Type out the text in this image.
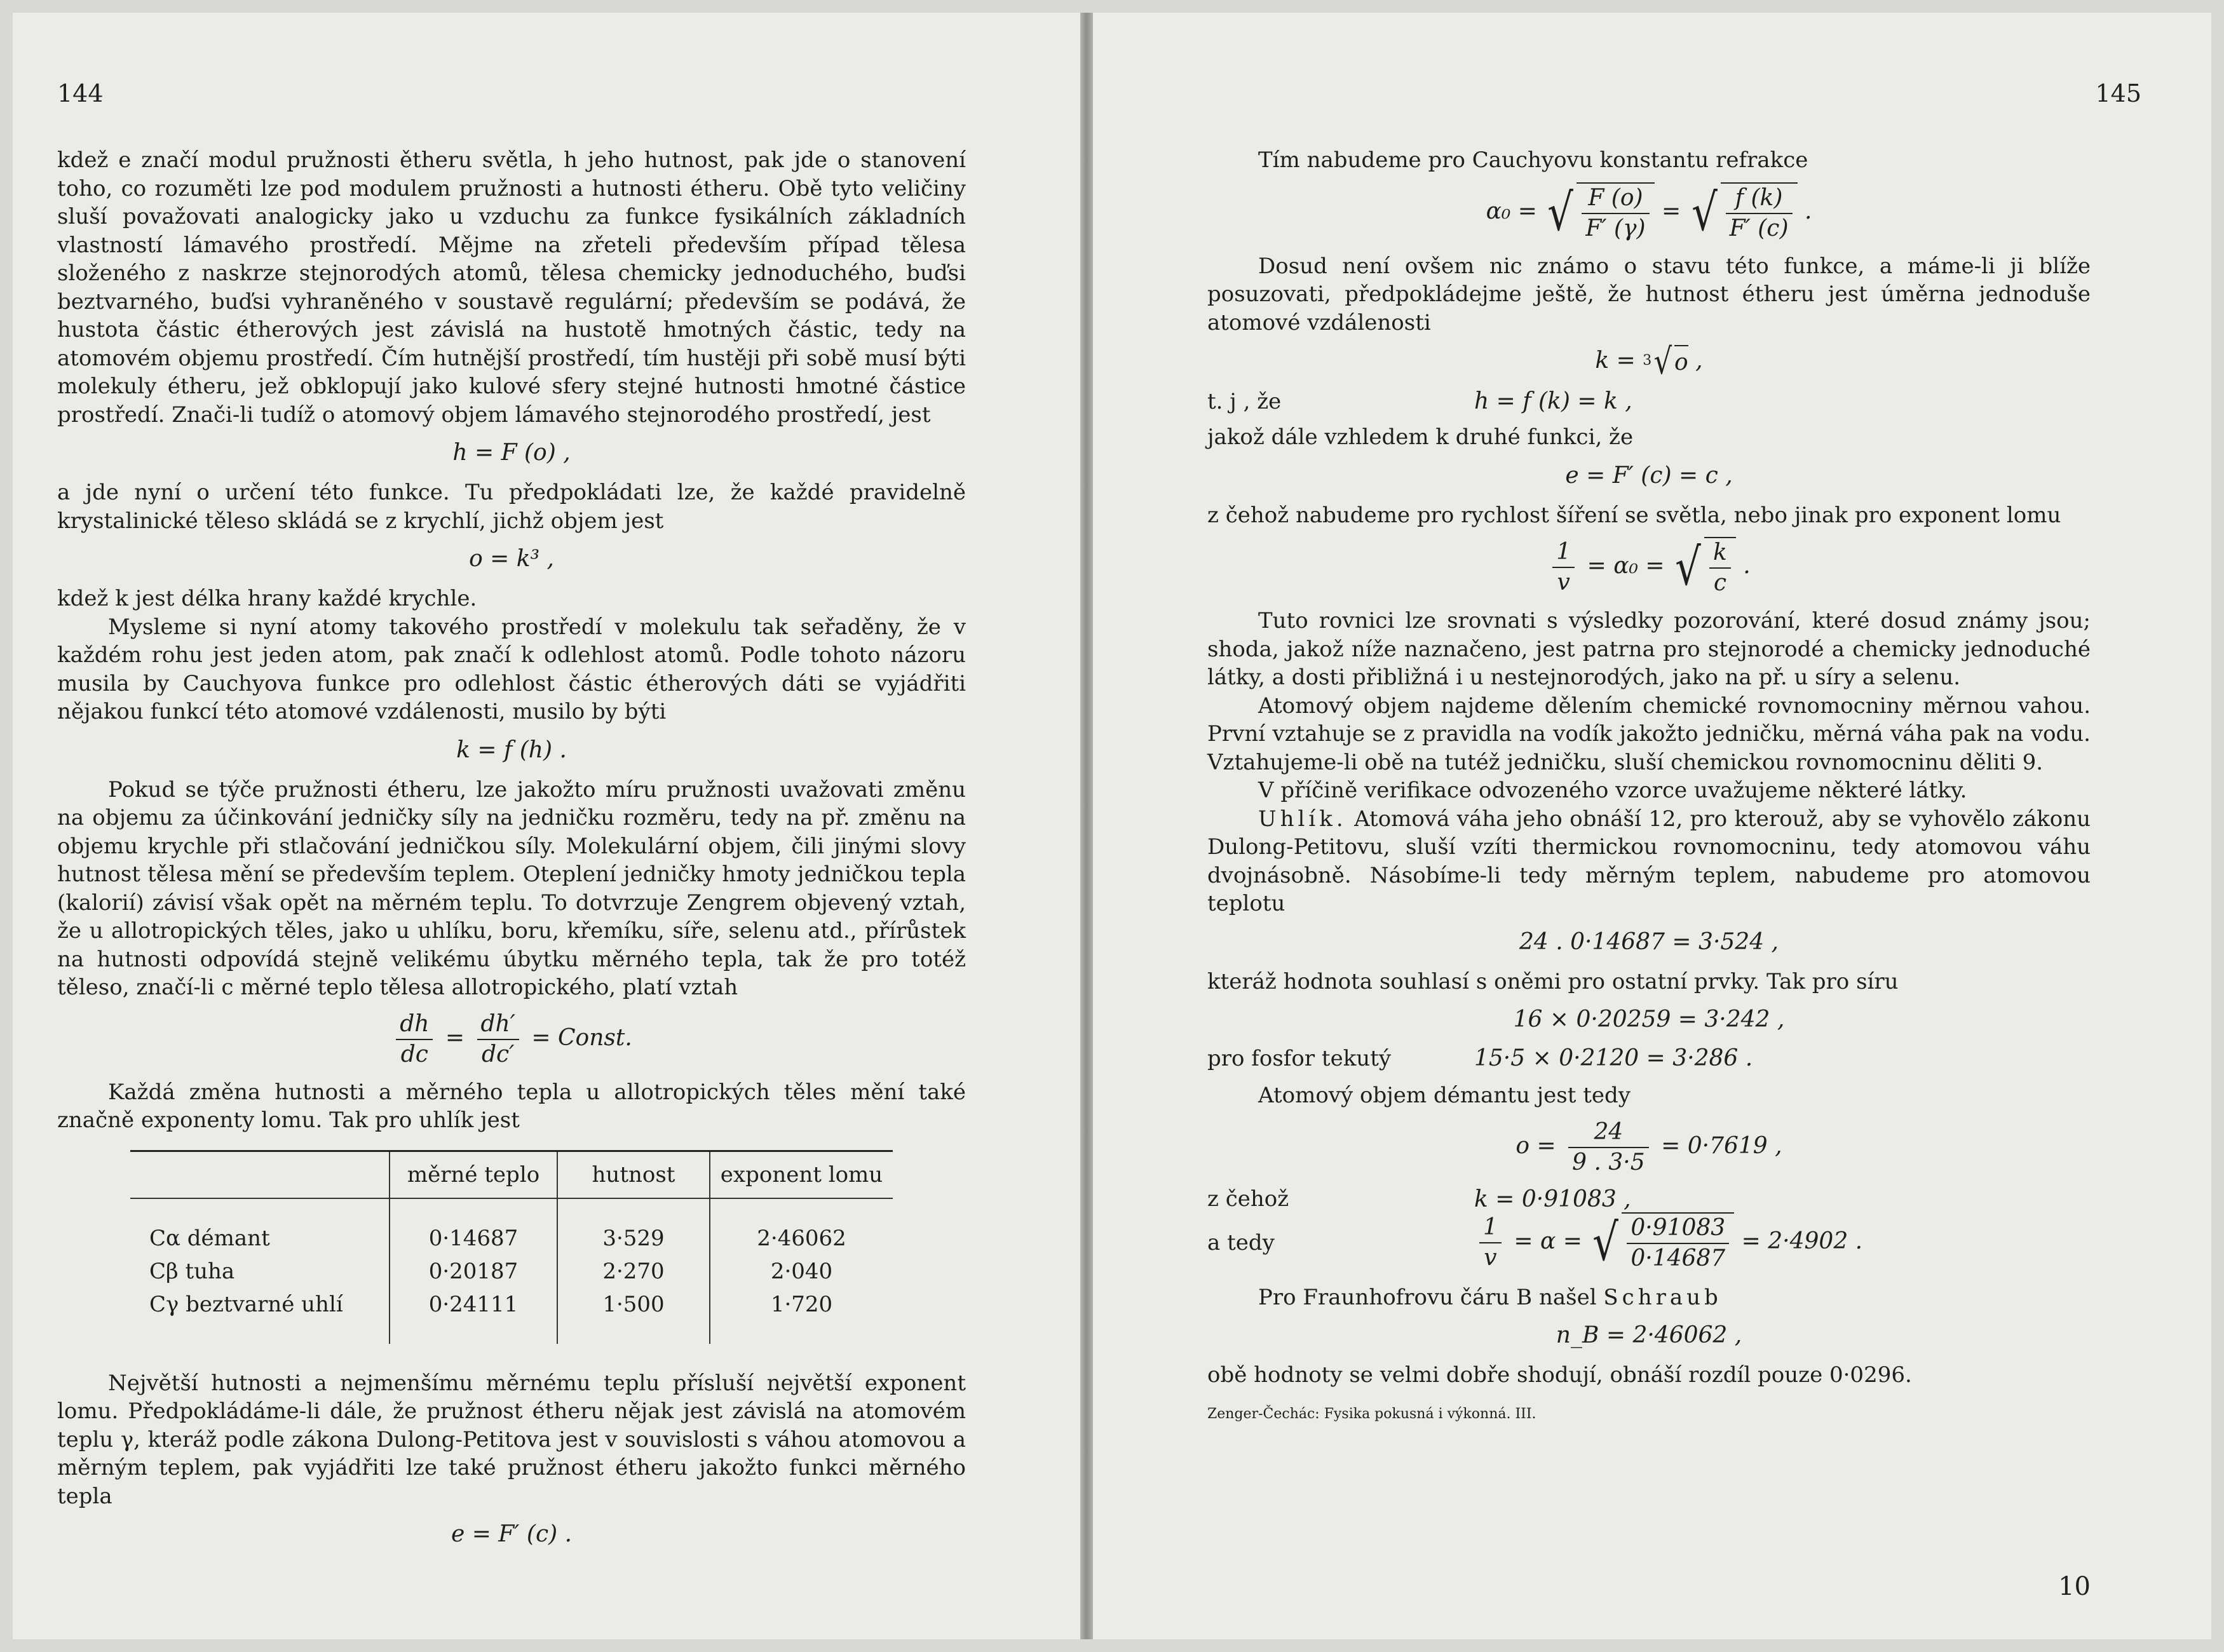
144

kdež e značí modul pružnosti ětheru světla, h jeho hutnost, pak jde o stanovení toho, co rozuměti lze pod modulem pružnosti a hutnosti étheru. Obě tyto veličiny sluší považovati analogicky jako u vzduchu za funkce fysikálních základních vlastností lámavého prostředí. Mějme na zřeteli především případ tělesa složeného z naskrze stejnorodých atomů, tělesa chemicky jednoduchého, buďsi beztvarného, buďsi vyhraněného v soustavě regulární; především se podává, že hustota částic étherových jest závislá na hustotě hmotných částic, tedy na atomovém objemu prostředí. Čím hutnější prostředí, tím hustěji při sobě musí býti molekuly étheru, jež obklopují jako kulové sfery stejné hutnosti hmotné částice prostředí. Znači-li tudíž o atomový objem lámavého stejnorodého prostředí, jest

h = F (o) ,

a jde nyní o určení této funkce. Tu předpokládati lze, že každé pravidelně krystalinické těleso skládá se z krychlí, jichž objem jest

o = k³ ,

kdež k jest délka hrany každé krychle.

Mysleme si nyní atomy takového prostředí v molekulu tak seřaděny, že v každém rohu jest jeden atom, pak značí k odlehlost atomů. Podle tohoto názoru musila by Cauchyova funkce pro odlehlost částic étherových dáti se vyjádřiti nějakou funkcí této atomové vzdálenosti, musilo by býti

k = f (h) .

Pokud se týče pružnosti étheru, lze jakožto míru pružnosti uvažovati změnu na objemu za účinkování jedničky síly na jedničku rozměru, tedy na př. změnu na objemu krychle při stlačování jedničkou síly. Molekulární objem, čili jinými slovy hutnost tělesa mění se především teplem. Oteplení jedničky hmoty jedničkou tepla (kalorií) závisí však opět na měrném teplu. To dotvrzuje Zengrem objevený vztah, že u allotropických těles, jako u uhlíku, boru, křemíku, síře, selenu atd., přírůstek na hutnosti odpovídá stejně velikému úbytku měrného tepla, tak že pro totéž těleso, značí-li c měrné teplo tělesa allotropického, platí vztah

$\frac{dh}{dc} = \frac{dh'}{dc'}$ = Const.

Každá změna hutnosti a měrného tepla u allotropických těles mění také značně exponenty lomu. Tak pro uhlík jest

	měrné teplo	hutnost	exponent lomu
Cα démant	0·14687	3·529	2·46062
Cβ tuha	0·20187	2·270	2·040
Cγ beztvarné uhlí	0·24111	1·500	1·720

Největší hutnosti a nejmenšímu měrnému teplu přísluší největší exponent lomu. Předpokládáme-li dále, že pružnost étheru nějak jest závislá na atomovém teplu γ, kteráž podle zákona Dulong-Petitova jest v souvislosti s váhou atomovou a měrným teplem, pak vyjádřiti lze také pružnost étheru jakožto funkci měrného tepla

e = F′ (c) .
145

Tím nabudeme pro Cauchyovu konstantu refrakce

α₀ = √ $\frac{F (o)}{F' (\gamma)}$ = √ $\frac{f (k)}{F' (c)}$ .

Dosud není ovšem nic známo o stavu této funkce, a máme-li ji blíže posuzovati, předpokládejme ještě, že hutnost étheru jest úměrna jednoduše atomové vzdálenosti

k = $^3$√o ,
t. j , že	h = f (k) = k ,

jakož dále vzhledem k druhé funkci, že

e = F′ (c) = c ,

z čehož nabudeme pro rychlost šíření se světla, nebo jinak pro exponent lomu

$\frac{1}{v} = \alpha_0$ = √ $\frac{k}{c}$ .

Tuto rovnici lze srovnati s výsledky pozorování, které dosud známy jsou; shoda, jakož níže naznačeno, jest patrna pro stejnorodé a chemicky jednoduché látky, a dosti přibližná i u nestejnorodých, jako na př. u síry a selenu.

Atomový objem najdeme dělením chemické rovnomocniny měrnou vahou. První vztahuje se z pravidla na vodík jakožto jedničku, měrná váha pak na vodu. Vztahujeme-li obě na tutéž jedničku, sluší chemickou rovnomocninu děliti 9.

V příčině verifikace odvozeného vzorce uvažujeme některé látky.

Uhlík. Atomová váha jeho obnáší 12, pro kterouž, aby se vyhovělo zákonu Dulong-Petitovu, sluší vzíti thermickou rovnomocninu, tedy atomovou váhu dvojnásobně. Násobíme-li tedy měrným teplem, nabudeme pro atomovou teplotu

24 . 0·14687 = 3·524 ,

kteráž hodnota souhlasí s oněmi pro ostatní prvky. Tak pro síru

16 × 0·20259 = 3·242 ,
pro fosfor tekutý	15·5 × 0·2120 = 3·286 .

Atomový objem démantu jest tedy

$o = \frac{24}{9 . 3\cdot 5} = 0\cdot 7619$ ,
z čehož	k = 0·91083 ,
a tedy	$\frac{1}{v} = \alpha$ = √ $\frac{0\cdot 91083}{0\cdot 14687} = 2\cdot 4902$ .

Pro Fraunhofrovu čáru B našel Schraub

n_B = 2·46062 ,

obě hodnoty se velmi dobře shodují, obnáší rozdíl pouze 0·0296.

Zenger-Čechác: Fysika pokusná i výkonná. III.
10
